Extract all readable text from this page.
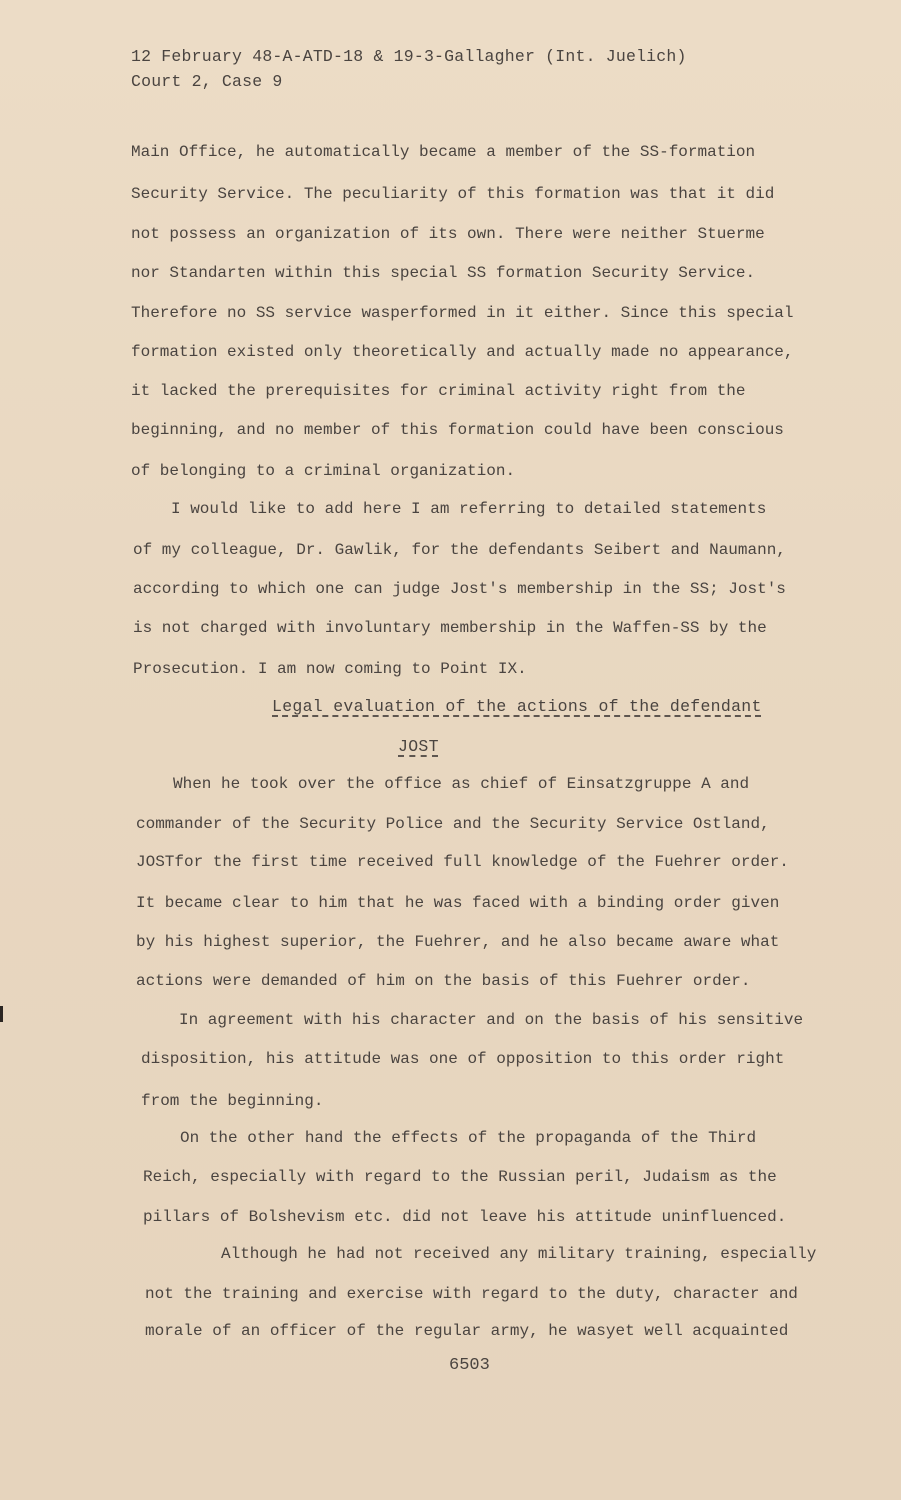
12 February 48-A-ATD-18 & 19-3-Gallagher (Int. Juelich)
Court 2, Case 9
Main Office, he automatically became a member of the SS-formation
Security Service. The peculiarity of this formation was that it did
not possess an organization of its own. There were neither Stuerme
nor Standarten within this special SS formation Security Service.
Therefore no SS service wasperformed in it either. Since this special
formation existed only theoretically and actually made no appearance,
it lacked the prerequisites for criminal activity right from the
beginning, and no member of this formation could have been conscious
of belonging to a criminal organization.
I would like to add here I am referring to detailed statements
of my colleague, Dr. Gawlik, for the defendants Seibert and Naumann,
according to which one can judge Jost's membership in the SS; Jost's
is not charged with involuntary membership in the Waffen-SS by the
Prosecution. I am now coming to Point IX.
Legal evaluation of the actions of the defendant
JOST
When he took over the office as chief of Einsatzgruppe A and
commander of the Security Police and the Security Service Ostland,
JOSTfor the first time received full knowledge of the Fuehrer order.
It became clear to him that he was faced with a binding order given
by his highest superior, the Fuehrer, and he also became aware what
actions were demanded of him on the basis of this Fuehrer order.
In agreement with his character and on the basis of his sensitive
disposition, his attitude was one of opposition to this order right
from the beginning.
On the other hand the effects of the propaganda of the Third
Reich, especially with regard to the Russian peril, Judaism as the
pillars of Bolshevism etc. did not leave his attitude uninfluenced.
Although he had not received any military training, especially
not the training and exercise with regard to the duty, character and
morale of an officer of the regular army, he wasyet well acquainted
6503
